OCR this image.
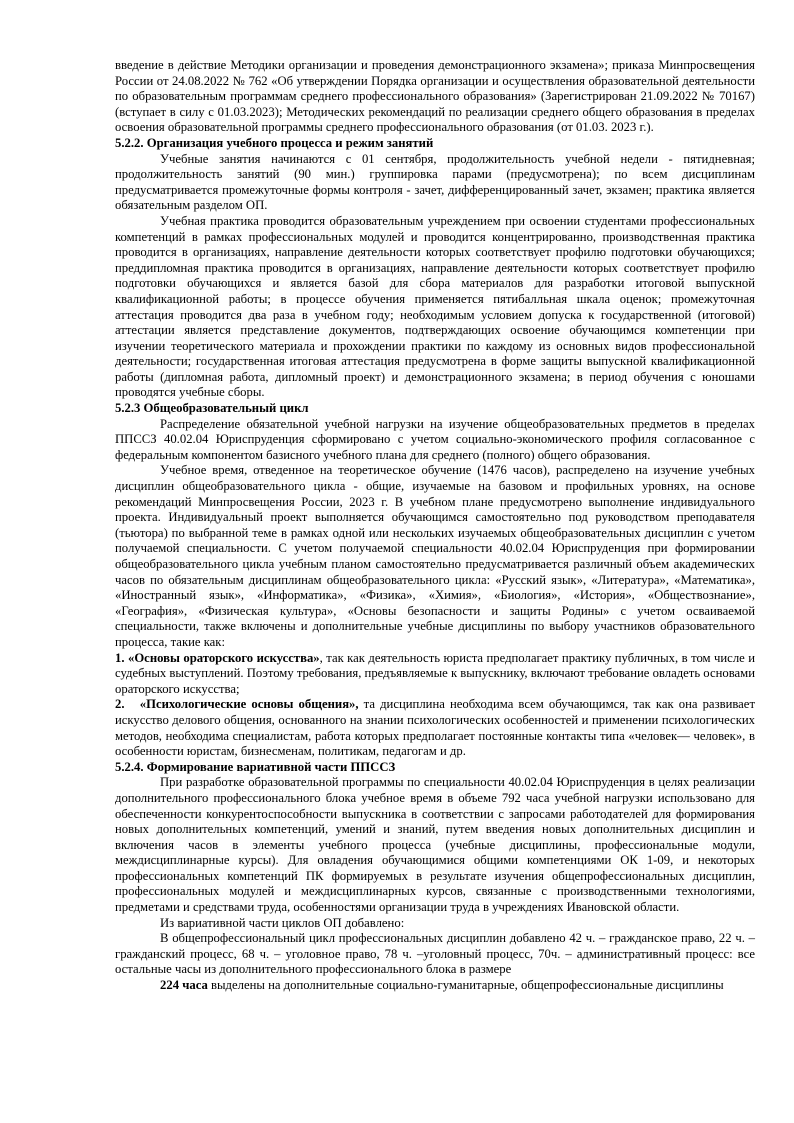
введение в действие Методики организации и проведения демонстрационного экзамена»; приказа Минпросвещения России от 24.08.2022 № 762 «Об утверждении Порядка организации и осуществления образовательной деятельности по образовательным программам среднего профессионального образования» (Зарегистрирован 21.09.2022 № 70167) (вступает в силу с 01.03.2023); Методических рекомендаций по реализации среднего общего образования в пределах освоения образовательной программы среднего профессионального образования (от 01.03. 2023 г.).

5.2.2. Организация учебного процесса и режим занятий

Учебные занятия начинаются с 01 сентября, продолжительность учебной недели - пятидневная; продолжительность занятий (90 мин.) группировка парами (предусмотрена); по всем дисциплинам предусматривается промежуточные формы контроля - зачет, дифференцированный зачет, экзамен; практика является обязательным разделом ОП.

Учебная практика проводится образовательным учреждением при освоении студентами профессиональных компетенций в рамках профессиональных модулей и проводится концентрированно, производственная практика проводится в организациях, направление деятельности которых соответствует профилю подготовки обучающихся; преддипломная практика проводится в организациях, направление деятельности которых соответствует профилю подготовки обучающихся и является базой для сбора материалов для разработки итоговой выпускной квалификационной работы; в процессе обучения применяется пятибалльная шкала оценок; промежуточная аттестация проводится два раза в учебном году; необходимым условием допуска к государственной (итоговой) аттестации является представление документов, подтверждающих освоение обучающимся компетенции при изучении теоретического материала и прохождении практики по каждому из основных видов профессиональной деятельности; государственная итоговая аттестация предусмотрена в форме защиты выпускной квалификационной работы (дипломная работа, дипломный проект) и демонстрационного экзамена; в период обучения с юношами проводятся учебные сборы.

5.2.3 Общеобразовательный цикл

Распределение обязательной учебной нагрузки на изучение общеобразовательных предметов в пределах ППССЗ 40.02.04 Юриспруденция сформировано с учетом социально-экономического профиля согласованное с федеральным компонентом базисного учебного плана для среднего (полного) общего образования.

Учебное время, отведенное на теоретическое обучение (1476 часов), распределено на изучение учебных дисциплин общеобразовательного цикла - общие, изучаемые на базовом и профильных уровнях, на основе рекомендаций Минпросвещения России, 2023 г. В учебном плане предусмотрено выполнение индивидуального проекта. Индивидуальный проект выполняется обучающимся самостоятельно под руководством преподавателя (тьютора) по выбранной теме в рамках одной или нескольких изучаемых общеобразовательных дисциплин с учетом получаемой специальности. С учетом получаемой специальности 40.02.04 Юриспруденция при формировании общеобразовательного цикла учебным планом самостоятельно предусматривается различный объем академических часов по обязательным дисциплинам общеобразовательного цикла: «Русский язык», «Литература», «Математика», «Иностранный язык», «Информатика», «Физика», «Химия», «Биология», «История», «Обществознание», «География», «Физическая культура», «Основы безопасности и защиты Родины» с учетом осваиваемой специальности, также включены и дополнительные учебные дисциплины по выбору участников образовательного процесса, такие как:

1. «Основы ораторского искусства», так как деятельность юриста предполагает практику публичных, в том числе и судебных выступлений. Поэтому требования, предъявляемые к выпускнику, включают требование овладеть основами ораторского искусства;

2. «Психологические основы общения», та дисциплина необходима всем обучающимся, так как она развивает искусство делового общения, основанного на знании психологических особенностей и применении психологических методов, необходима специалистам, работа которых предполагает постоянные контакты типа «человек— человек», в особенности юристам, бизнесменам, политикам, педагогам и др.

5.2.4. Формирование вариативной части ППССЗ

При разработке образовательной программы по специальности 40.02.04 Юриспруденция в целях реализации дополнительного профессионального блока учебное время в объеме 792 часа учебной нагрузки использовано для обеспеченности конкурентоспособности выпускника в соответствии с запросами работодателей для формирования новых дополнительных компетенций, умений и знаний, путем введения новых дополнительных дисциплин и включения часов в элементы учебного процесса (учебные дисциплины, профессиональные модули, междисциплинарные курсы). Для овладения обучающимися общими компетенциями ОК 1-09, и некоторых профессиональных компетенций ПК формируемых в результате изучения общепрофессиональных дисциплин, профессиональных модулей и междисциплинарных курсов, связанные с производственными технологиями, предметами и средствами труда, особенностями организации труда в учреждениях Ивановской области.

Из вариативной части циклов ОП добавлено:

В общепрофессиональный цикл профессиональных дисциплин добавлено 42 ч. – гражданское право, 22 ч. – гражданский процесс, 68 ч. – уголовное право, 78 ч. –уголовный процесс, 70ч. – административный процесс: все остальные часы из дополнительного профессионального блока в размере

224 часа выделены на дополнительные социально-гуманитарные, общепрофессиональные дисциплины
